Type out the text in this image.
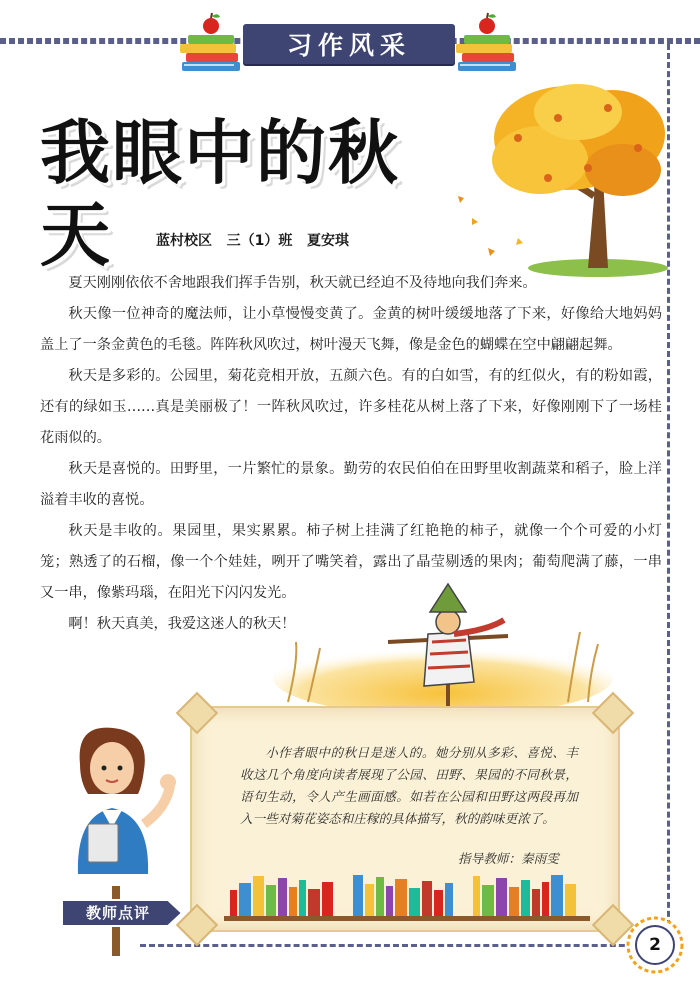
习作风采
我眼中的秋天	蓝村校区   三（1）班   夏安琪

夏天刚刚依依不舍地跟我们挥手告别，秋天就已经迫不及待地向我们奔来。

秋天像一位神奇的魔法师，让小草慢慢变黄了。金黄的树叶缓缓地落了下来，好像给大地妈妈盖上了一条金黄色的毛毯。阵阵秋风吹过，树叶漫天飞舞，像是金色的蝴蝶在空中翩翩起舞。

秋天是多彩的。公园里，菊花竞相开放，五颜六色。有的白如雪，有的红似火，有的粉如霞，还有的绿如玉……真是美丽极了！一阵秋风吹过，许多桂花从树上落了下来，好像刚刚下了一场桂花雨似的。

秋天是喜悦的。田野里，一片繁忙的景象。勤劳的农民伯伯在田野里收割蔬菜和稻子，脸上洋溢着丰收的喜悦。

秋天是丰收的。果园里，果实累累。柿子树上挂满了红艳艳的柿子，就像一个个可爱的小灯笼；熟透了的石榴，像一个个娃娃，咧开了嘴笑着，露出了晶莹剔透的果肉；葡萄爬满了藤，一串又一串，像紫玛瑙，在阳光下闪闪发光。

啊！秋天真美，我爱这迷人的秋天！

小作者眼中的秋日是迷人的。她分别从多彩、喜悦、丰收这几个角度向读者展现了公园、田野、果园的不同秋景，语句生动，令人产生画面感。如若在公园和田野这两段再加入一些对菊花姿态和庄稼的具体描写，秋的韵味更浓了。
指导教师：秦雨雯
教师点评
2
